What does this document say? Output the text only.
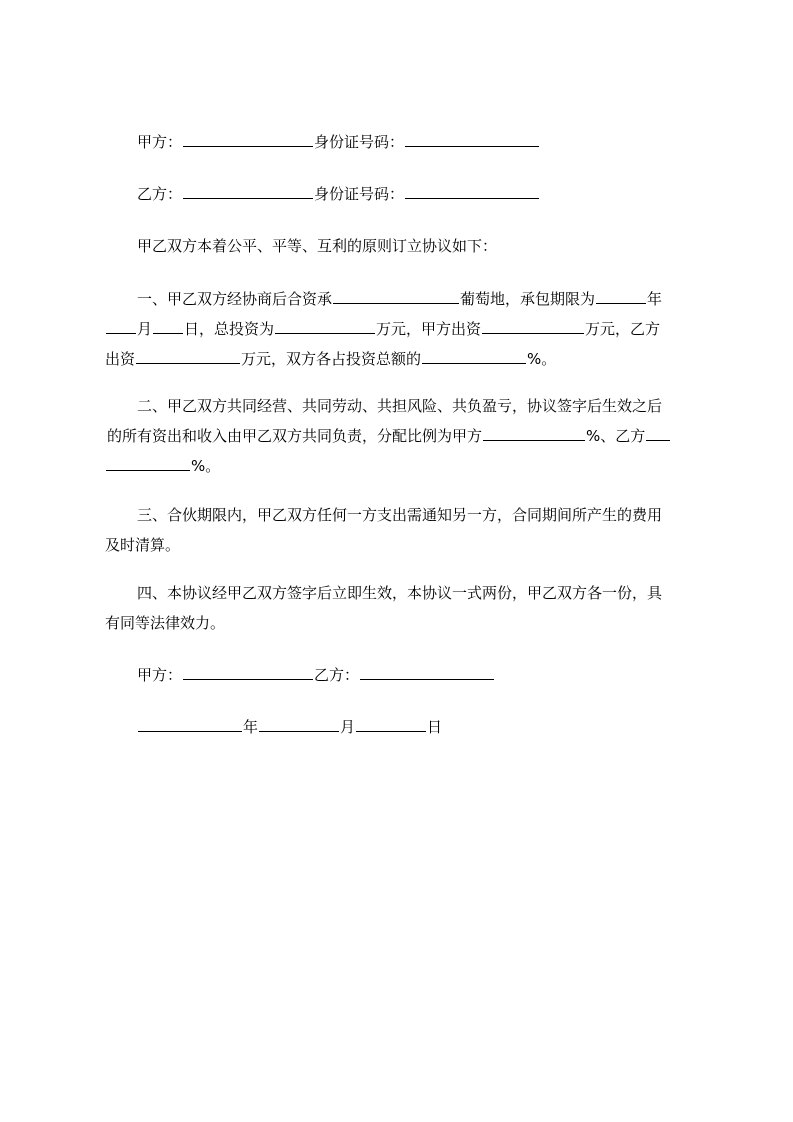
甲方：	身份证号码：
乙方：	身份证号码：
甲乙双方本着公平、平等、互利的原则订立协议如下：
一、甲乙双方经协商后合资承	葡萄地，承包期限为	年
月 日，总投资为	万元，甲方出资	万元，乙方
出资	万元，双方各占投资总额的	%。
二、甲乙双方共同经营、共同劳动、共担风险、共负盈亏，协议签字后生效之后
的所有资出和收入由甲乙双方共同负责，分配比例为甲方	%、乙方
%。
三、合伙期限内，甲乙双方任何一方支出需通知另一方，合同期间所产生的费用
及时清算。
四、本协议经甲乙双方签字后立即生效，本协议一式两份，甲乙双方各一份，具
有同等法律效力。
甲方：	乙方：
年	月	日
